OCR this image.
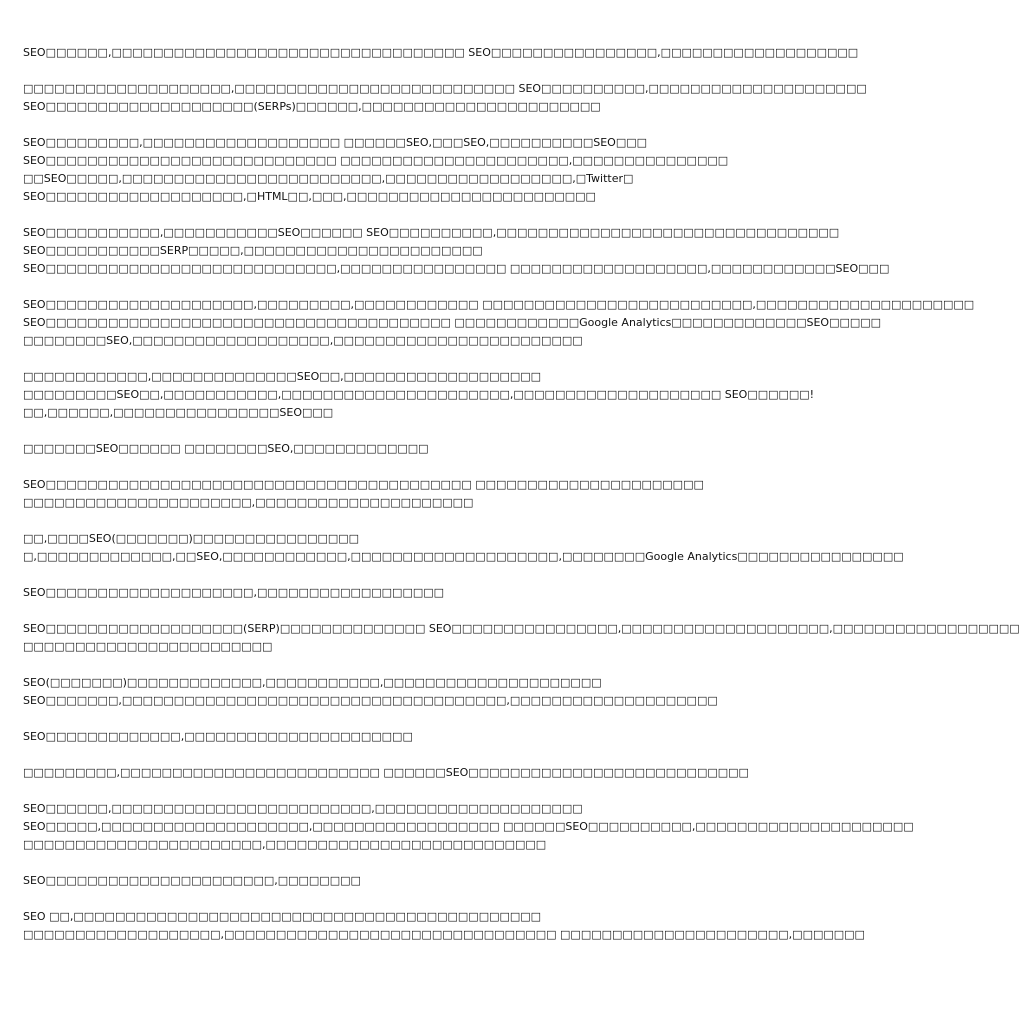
SEO□□□□□□,□□□□□□□□□□□□□□□□□□□□□□□□□□□□□□□□□□ SEO□□□□□□□□□□□□□□□□,□□□□□□□□□□□□□□□□□□□
□□□□□□□□□□□□□□□□□□□□,□□□□□□□□□□□□□□□□□□□□□□□□□□□ SEO□□□□□□□□□□,□□□□□□□□□□□□□□□□□□□□□
SEO□□□□□□□□□□□□□□□□□□□□(SERPs)□□□□□□,□□□□□□□□□□□□□□□□□□□□□□□
SEO□□□□□□□□□,□□□□□□□□□□□□□□□□□□□ □□□□□□SEO,□□□SEO,□□□□□□□□□□SEO□□□
SEO□□□□□□□□□□□□□□□□□□□□□□□□□□□□ □□□□□□□□□□□□□□□□□□□□□□,□□□□□□□□□□□□□□□
□□SEO□□□□□,□□□□□□□□□□□□□□□□□□□□□□□□□,□□□□□□□□□□□□□□□□□□,□Twitter□
SEO□□□□□□□□□□□□□□□□□□□,□HTML□□,□□□,□□□□□□□□□□□□□□□□□□□□□□□□
SEO□□□□□□□□□□□,□□□□□□□□□□□SEO□□□□□□ SEO□□□□□□□□□□,□□□□□□□□□□□□□□□□□□□□□□□□□□□□□□□□□
SEO□□□□□□□□□□□SERP□□□□□,□□□□□□□□□□□□□□□□□□□□□□□
SEO□□□□□□□□□□□□□□□□□□□□□□□□□□□□,□□□□□□□□□□□□□□□□ □□□□□□□□□□□□□□□□□□□,□□□□□□□□□□□□SEO□□□
SEO□□□□□□□□□□□□□□□□□□□□,□□□□□□□□□,□□□□□□□□□□□□ □□□□□□□□□□□□□□□□□□□□□□□□□□,□□□□□□□□□□□□□□□□□□□□□
SEO□□□□□□□□□□□□□□□□□□□□□□□□□□□□□□□□□□□□□□□ □□□□□□□□□□□□Google Analytics□□□□□□□□□□□□□SEO□□□□□
□□□□□□□□SEO,□□□□□□□□□□□□□□□□□□□,□□□□□□□□□□□□□□□□□□□□□□□□
□□□□□□□□□□□□,□□□□□□□□□□□□□□SEO□□,□□□□□□□□□□□□□□□□□□□
□□□□□□□□□SEO□□,□□□□□□□□□□□,□□□□□□□□□□□□□□□□□□□□□□,□□□□□□□□□□□□□□□□□□□□ SEO□□□□□□!
□□,□□□□□□,□□□□□□□□□□□□□□□□SEO□□□
□□□□□□□SEO□□□□□□ □□□□□□□□SEO,□□□□□□□□□□□□□
SEO□□□□□□□□□□□□□□□□□□□□□□□□□□□□□□□□□□□□□□□□□ □□□□□□□□□□□□□□□□□□□□□□
□□□□□□□□□□□□□□□□□□□□□□,□□□□□□□□□□□□□□□□□□□□□
□□,□□□□SEO(□□□□□□□)□□□□□□□□□□□□□□□□
□,□□□□□□□□□□□□□,□□SEO,□□□□□□□□□□□□,□□□□□□□□□□□□□□□□□□□□,□□□□□□□□Google Analytics□□□□□□□□□□□□□□□□
SEO□□□□□□□□□□□□□□□□□□□□,□□□□□□□□□□□□□□□□□□
SEO□□□□□□□□□□□□□□□□□□□(SERP)□□□□□□□□□□□□□□ SEO□□□□□□□□□□□□□□□□,□□□□□□□□□□□□□□□□□□□□,□□□□□□□□□□□□□□□□□□
□□□□□□□□□□□□□□□□□□□□□□□□
SEO(□□□□□□□)□□□□□□□□□□□□□,□□□□□□□□□□□,□□□□□□□□□□□□□□□□□□□□□
SEO□□□□□□□,□□□□□□□□□□□□□□□□□□□□□□□□□□□□□□□□□□□□□,□□□□□□□□□□□□□□□□□□□□
SEO□□□□□□□□□□□□□,□□□□□□□□□□□□□□□□□□□□□□
□□□□□□□□□,□□□□□□□□□□□□□□□□□□□□□□□□□ □□□□□□SEO□□□□□□□□□□□□□□□□□□□□□□□□□□□
SEO□□□□□□,□□□□□□□□□□□□□□□□□□□□□□□□□,□□□□□□□□□□□□□□□□□□□□
SEO□□□□□,□□□□□□□□□□□□□□□□□□□□,□□□□□□□□□□□□□□□□□□ □□□□□□SEO□□□□□□□□□□,□□□□□□□□□□□□□□□□□□□□□
□□□□□□□□□□□□□□□□□□□□□□□,□□□□□□□□□□□□□□□□□□□□□□□□□□□
SEO□□□□□□□□□□□□□□□□□□□□□□,□□□□□□□□
SEO □□,□□□□□□□□□□□□□□□□□□□□□□□□□□□□□□□□□□□□□□□□□□□□□
□□□□□□□□□□□□□□□□□□□,□□□□□□□□□□□□□□□□□□□□□□□□□□□□□□□□ □□□□□□□□□□□□□□□□□□□□□□,□□□□□□□
